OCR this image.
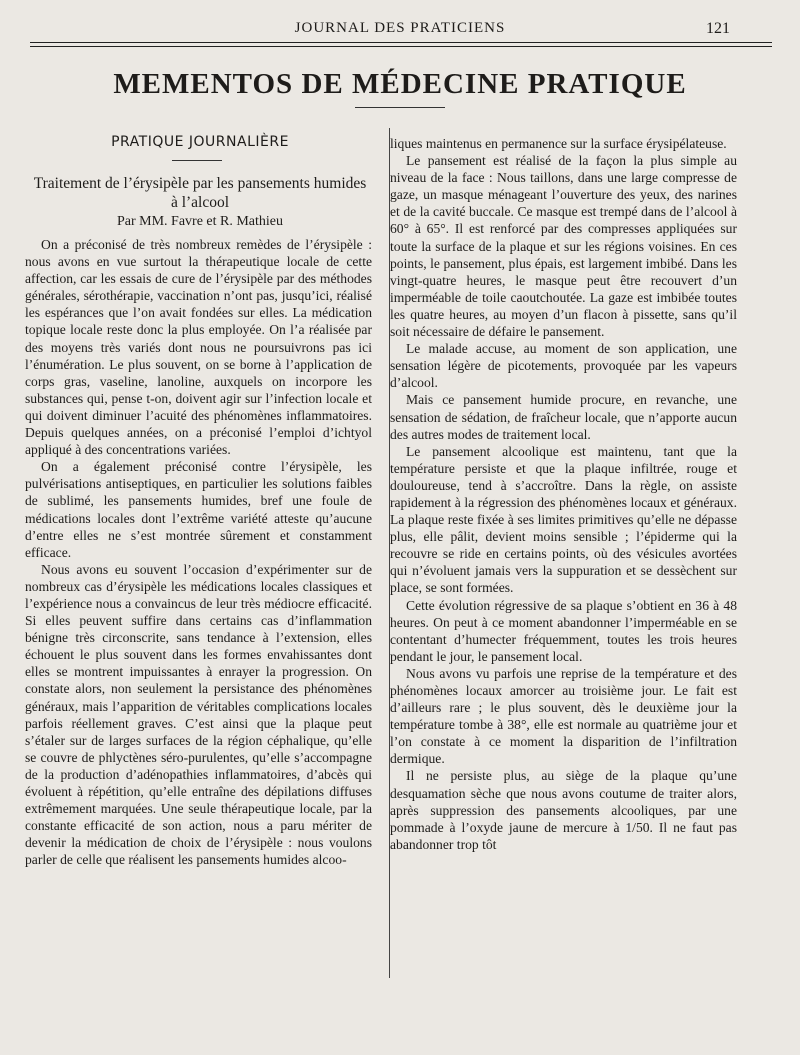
JOURNAL DES PRATICIENS	121
MEMENTOS DE MÉDECINE PRATIQUE
PRATIQUE JOURNALIÈRE
Traitement de l’érysipèle par les pansements humides à l’alcool
Par MM. Favre et R. Mathieu

On a préconisé de très nombreux remèdes de l’érysipèle : nous avons en vue surtout la thérapeutique locale de cette affection, car les essais de cure de l’érysipèle par des méthodes générales, sérothérapie, vaccination n’ont pas, jusqu’ici, réalisé les espérances que l’on avait fondées sur elles. La médication topique locale reste donc la plus employée. On l’a réalisée par des moyens très variés dont nous ne poursuivrons pas ici l’énumération. Le plus souvent, on se borne à l’application de corps gras, vaseline, lanoline, auxquels on incorpore les substances qui, pense t-on, doivent agir sur l’infection locale et qui doivent diminuer l’acuité des phénomènes inflammatoires. Depuis quelques années, on a préconisé l’emploi d’ichtyol appliqué à des concentrations variées.

On a également préconisé contre l’érysipèle, les pulvérisations antiseptiques, en particulier les solutions faibles de sublimé, les pansements humides, bref une foule de médications locales dont l’extrême variété atteste qu’aucune d’entre elles ne s’est montrée sûrement et constamment efficace.

Nous avons eu souvent l’occasion d’expérimenter sur de nombreux cas d’érysipèle les médications locales classiques et l’expérience nous a convaincus de leur très médiocre efficacité. Si elles peuvent suffire dans certains cas d’inflammation bénigne très circonscrite, sans tendance à l’extension, elles échouent le plus souvent dans les formes envahissantes dont elles se montrent impuissantes à enrayer la progression. On constate alors, non seulement la persistance des phénomènes généraux, mais l’apparition de véritables complications locales parfois réellement graves. C’est ainsi que la plaque peut s’étaler sur de larges surfaces de la région céphalique, qu’elle se couvre de phlyctènes séro-purulentes, qu’elle s’accompagne de la production d’adénopathies inflammatoires, d’abcès qui évoluent à répétition, qu’elle entraîne des dépilations diffuses extrêmement marquées. Une seule thérapeutique locale, par la constante efficacité de son action, nous a paru mériter de devenir la médication de choix de l’érysipèle : nous voulons parler de celle que réalisent les pansements humides alcoo-

liques maintenus en permanence sur la surface érysipélateuse.

Le pansement est réalisé de la façon la plus simple au niveau de la face : Nous taillons, dans une large compresse de gaze, un masque ménageant l’ouverture des yeux, des narines et de la cavité buccale. Ce masque est trempé dans de l’alcool à 60° à 65°. Il est renforcé par des compresses appliquées sur toute la surface de la plaque et sur les régions voisines. En ces points, le pansement, plus épais, est largement imbibé. Dans les vingt-quatre heures, le masque peut être recouvert d’un imperméable de toile caoutchoutée. La gaze est imbibée toutes les quatre heures, au moyen d’un flacon à pissette, sans qu’il soit nécessaire de défaire le pansement.

Le malade accuse, au moment de son application, une sensation légère de picotements, provoquée par les vapeurs d’alcool.

Mais ce pansement humide procure, en revanche, une sensation de sédation, de fraîcheur locale, que n’apporte aucun des autres modes de traitement local.

Le pansement alcoolique est maintenu, tant que la température persiste et que la plaque infiltrée, rouge et douloureuse, tend à s’accroître. Dans la règle, on assiste rapidement à la régression des phénomènes locaux et généraux. La plaque reste fixée à ses limites primitives qu’elle ne dépasse plus, elle pâlit, devient moins sensible ; l’épiderme qui la recouvre se ride en certains points, où des vésicules avortées qui n’évoluent jamais vers la suppuration et se dessèchent sur place, se sont formées.

Cette évolution régressive de sa plaque s’obtient en 36 à 48 heures. On peut à ce moment abandonner l’imperméable en se contentant d’humecter fréquemment, toutes les trois heures pendant le jour, le pansement local.

Nous avons vu parfois une reprise de la température et des phénomènes locaux amorcer au troisième jour. Le fait est d’ailleurs rare ; le plus souvent, dès le deuxième jour la température tombe à 38°, elle est normale au quatrième jour et l’on constate à ce moment la disparition de l’infiltration dermique.

Il ne persiste plus, au siège de la plaque qu’une desquamation sèche que nous avons coutume de traiter alors, après suppression des pansements alcooliques, par une pommade à l’oxyde jaune de mercure à 1/50. Il ne faut pas abandonner trop tôt
